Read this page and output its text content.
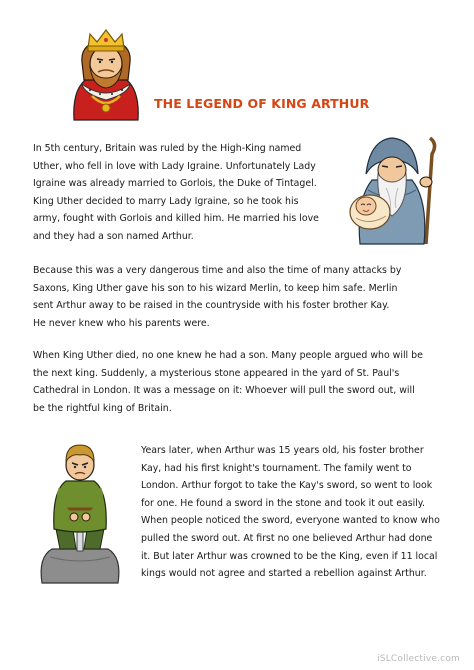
THE LEGEND OF KING ARTHUR
In 5th century, Britain was ruled by the High-King named
Uther, who fell in love with Lady Igraine. Unfortunately Lady
Igraine was already married to Gorlois, the Duke of Tintagel.
King Uther decided to marry Lady Igraine, so he took his
army, fought with Gorlois and killed him. He married his love
and they had a son named Arthur.
Because this was a very dangerous time and also the time of many attacks by
Saxons, King Uther gave his son to his wizard Merlin, to keep him safe. Merlin
sent Arthur away to be raised in the countryside with his foster brother Kay.
He never knew who his parents were.
When King Uther died, no one knew he had a son. Many people argued who will be
the next king. Suddenly, a mysterious stone appeared in the yard of St. Paul's
Cathedral in London. It was a message on it: Whoever will pull the sword out, will
be the rightful king of Britain.
Years later, when Arthur was 15 years old, his foster brother
Kay, had his first knight's tournament. The family went to
London. Arthur forgot to take the Kay's sword, so went to look
for one. He found a sword in the stone and took it out easily.
When people noticed the sword, everyone wanted to know who
pulled the sword out. At first no one believed Arthur had done
it. But later Arthur was crowned to be the King, even if 11 local
kings would not agree and started a rebellion against Arthur.
iSLCollective.com
